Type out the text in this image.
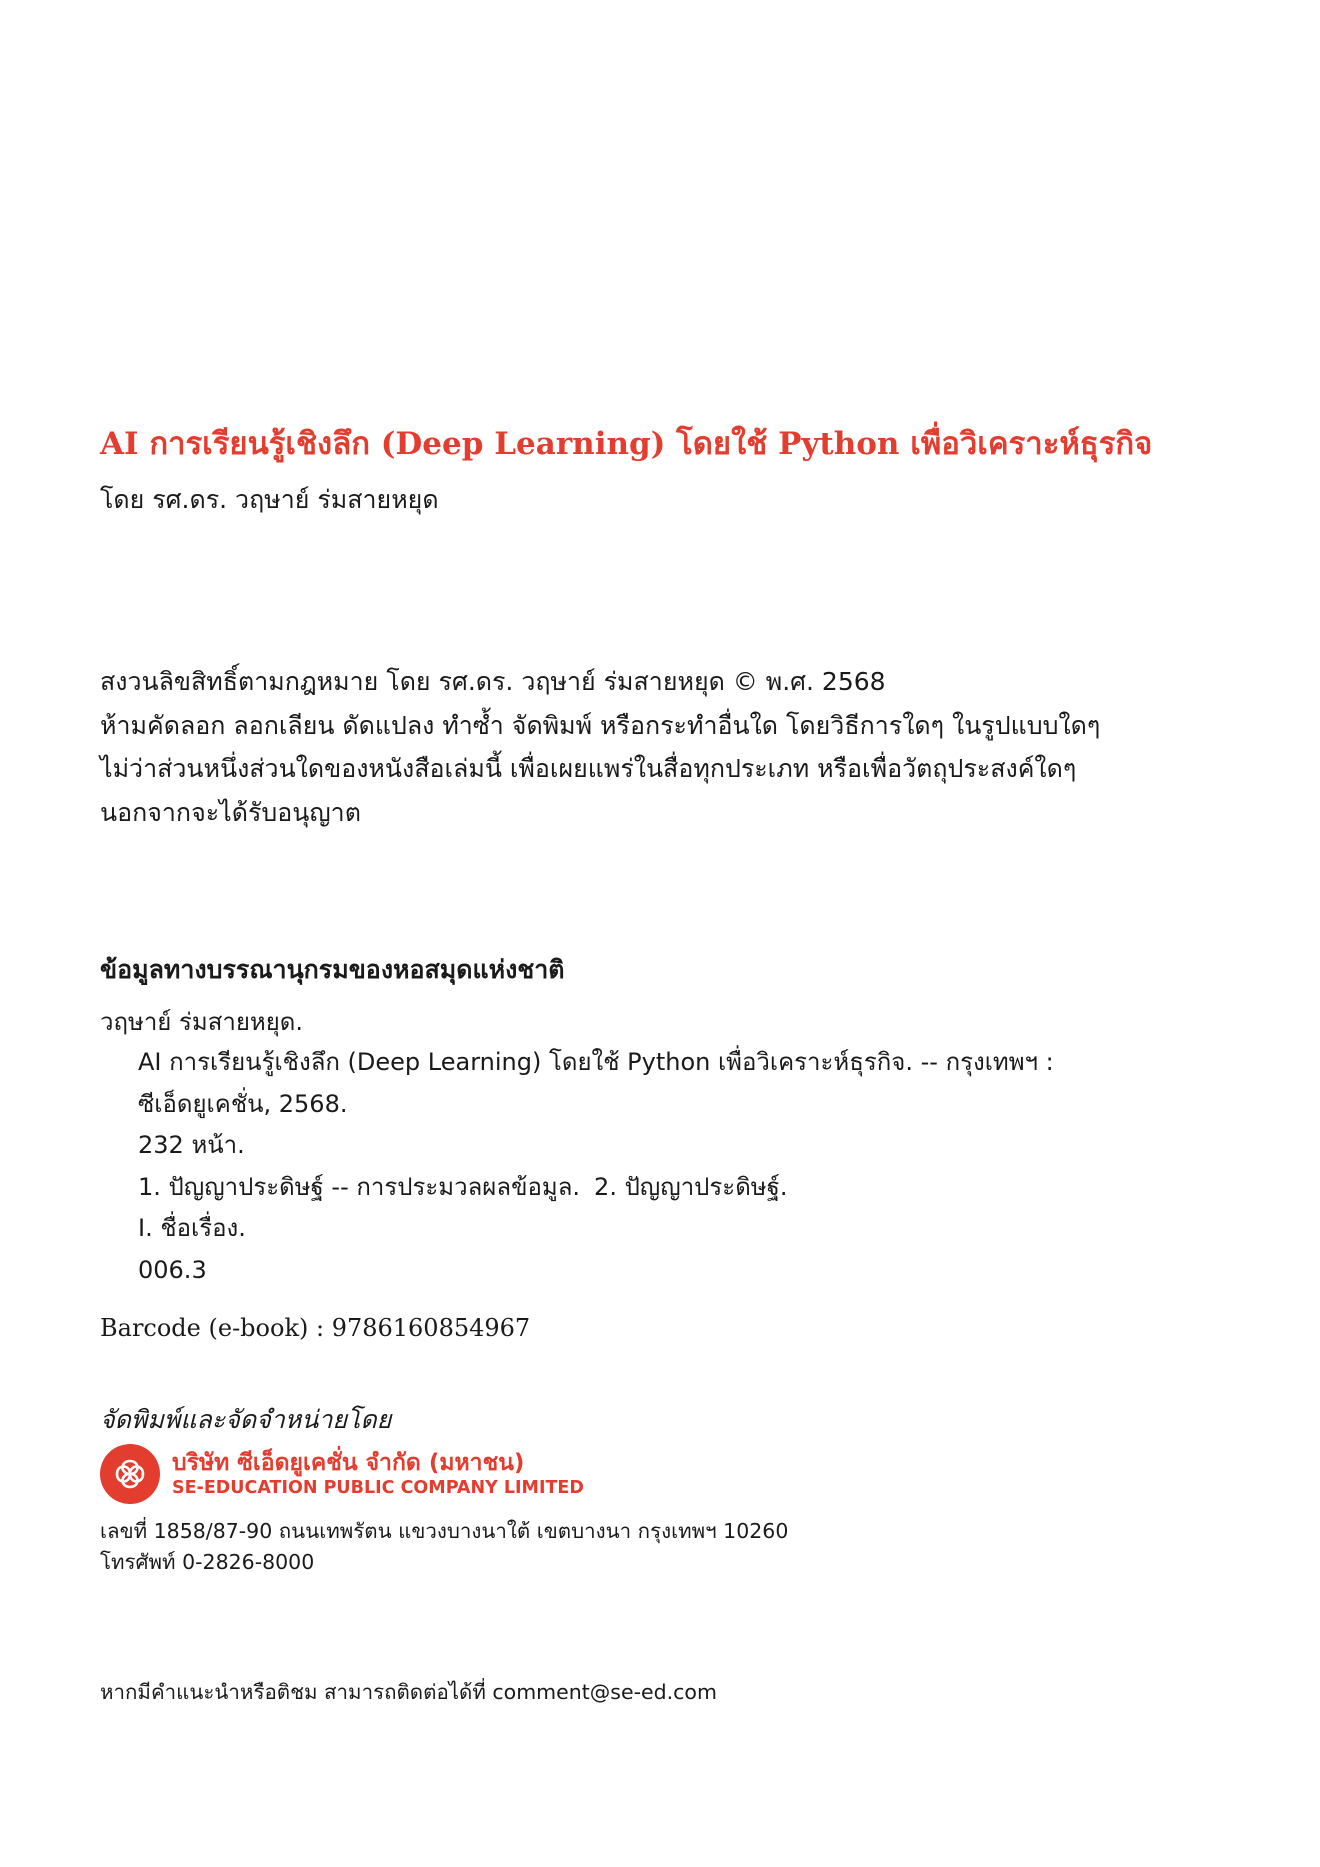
AI การเรียนรู้เชิงลึก (Deep Learning) โดยใช้ Python เพื่อวิเคราะห์ธุรกิจ
โดย รศ.ดร. วฤษาย์ ร่มสายหยุด
สงวนลิขสิทธิ์ตามกฎหมาย โดย รศ.ดร. วฤษาย์ ร่มสายหยุด © พ.ศ. 2568
ห้ามคัดลอก ลอกเลียน ดัดแปลง ทำซ้ำ จัดพิมพ์ หรือกระทำอื่นใด โดยวิธีการใดๆ ในรูปแบบใดๆ
ไม่ว่าส่วนหนึ่งส่วนใดของหนังสือเล่มนี้ เพื่อเผยแพร่ในสื่อทุกประเภท หรือเพื่อวัตถุประสงค์ใดๆ
นอกจากจะได้รับอนุญาต
ข้อมูลทางบรรณานุกรมของหอสมุดแห่งชาติ
วฤษาย์ ร่มสายหยุด.
AI การเรียนรู้เชิงลึก (Deep Learning) โดยใช้ Python เพื่อวิเคราะห์ธุรกิจ. -- กรุงเทพฯ :
ซีเอ็ดยูเคชั่น, 2568.
232 หน้า.
1. ปัญญาประดิษฐ์ -- การประมวลผลข้อมูล. 2. ปัญญาประดิษฐ์.
I. ชื่อเรื่อง.
006.3
Barcode (e-book) : 9786160854967
จัดพิมพ์และจัดจำหน่ายโดย
บริษัท ซีเอ็ดยูเคชั่น จำกัด (มหาชน)
SE-EDUCATION PUBLIC COMPANY LIMITED
เลขที่ 1858/87-90 ถนนเทพรัตน แขวงบางนาใต้ เขตบางนา กรุงเทพฯ 10260
โทรศัพท์ 0-2826-8000
หากมีคำแนะนำหรือติชม สามารถติดต่อได้ที่ comment@se-ed.com
